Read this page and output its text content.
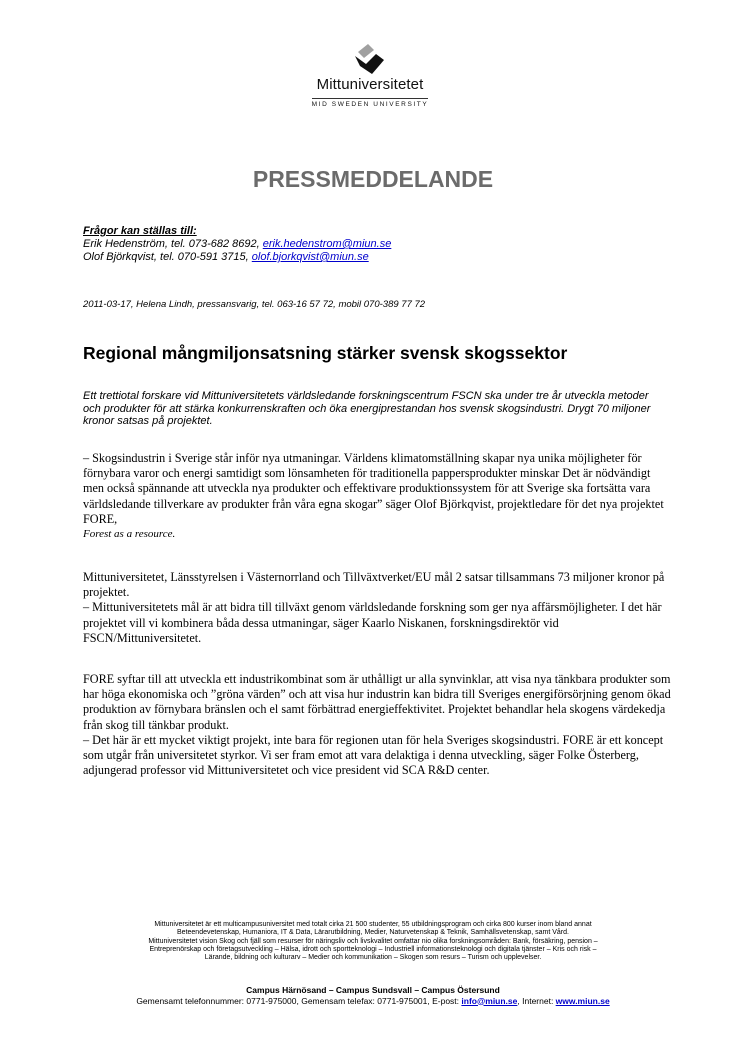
Mittuniversitetet
MID SWEDEN UNIVERSITY
PRESSMEDDELANDE
Frågor kan ställas till:
Erik Hedenström, tel. 073-682 8692, erik.hedenstrom@miun.se
Olof Björkqvist, tel. 070-591 3715, olof.bjorkqvist@miun.se
2011-03-17, Helena Lindh, pressansvarig, tel. 063-16 57 72, mobil 070-389 77 72
Regional mångmiljonsatsning stärker svensk skogssektor
Ett trettiotal forskare vid Mittuniversitetets världsledande forskningscentrum FSCN ska under tre år utveckla metoder och produkter för att stärka konkurrenskraften och öka energiprestandan hos svensk skogsindustri. Drygt 70 miljoner kronor satsas på projektet.

– Skogsindustrin i Sverige står inför nya utmaningar. Världens klimatomställning skapar nya unika möjligheter för förnybara varor och energi samtidigt som lönsamheten för traditionella pappersprodukter minskar Det är nödvändigt men också spännande att utveckla nya produkter och effektivare produktionssystem för att Sverige ska fortsätta vara världsledande tillverkare av produkter från våra egna skogar” säger Olof Björkqvist, projektledare för det nya projektet FORE,

Forest as a resource.

Mittuniversitetet, Länsstyrelsen i Västernorrland och Tillväxtverket/EU mål 2 satsar tillsammans 73 miljoner kronor på projektet.

– Mittuniversitetets mål är att bidra till tillväxt genom världsledande forskning som ger nya affärsmöjligheter. I det här projektet vill vi kombinera båda dessa utmaningar, säger Kaarlo Niskanen, forskningsdirektör vid FSCN/Mittuniversitetet.

FORE syftar till att utveckla ett industrikombinat som är uthålligt ur alla synvinklar, att visa nya tänkbara produkter som har höga ekonomiska och ”gröna värden” och att visa hur industrin kan bidra till Sveriges energiförsörjning genom ökad produktion av förnybara bränslen och el samt förbättrad energieffektivitet. Projektet behandlar hela skogens värdekedja från skog till tänkbar produkt.

– Det här är ett mycket viktigt projekt, inte bara för regionen utan för hela Sveriges skogsindustri. FORE är ett koncept som utgår från universitetet styrkor. Vi ser fram emot att vara delaktiga i denna utveckling, säger Folke Österberg, adjungerad professor vid Mittuniversitetet och vice president vid SCA R&D center.

Mittuniversitetet är ett multicampusuniversitet med totalt cirka 21 500 studenter, 55 utbildningsprogram och cirka 800 kurser inom bland annat
Beteendevetenskap, Humaniora, IT & Data, Lärarutbildning, Medier, Naturvetenskap & Teknik, Samhällsvetenskap, samt Vård.
Mittuniversitetet vision Skog och fjäll som resurser för näringsliv och livskvalitet omfattar nio olika forskningsområden: Bank, försäkring, pension –
Entreprenörskap och företagsutveckling – Hälsa, idrott och sportteknologi – Industriell informationsteknologi och digitala tjänster – Kris och risk –
Lärande, bildning och kulturarv – Medier och kommunikation – Skogen som resurs – Turism och upplevelser.
Campus Härnösand – Campus Sundsvall – Campus Östersund
Gemensamt telefonnummer: 0771-975000, Gemensam telefax: 0771-975001, E-post: info@miun.se, Internet: www.miun.se
